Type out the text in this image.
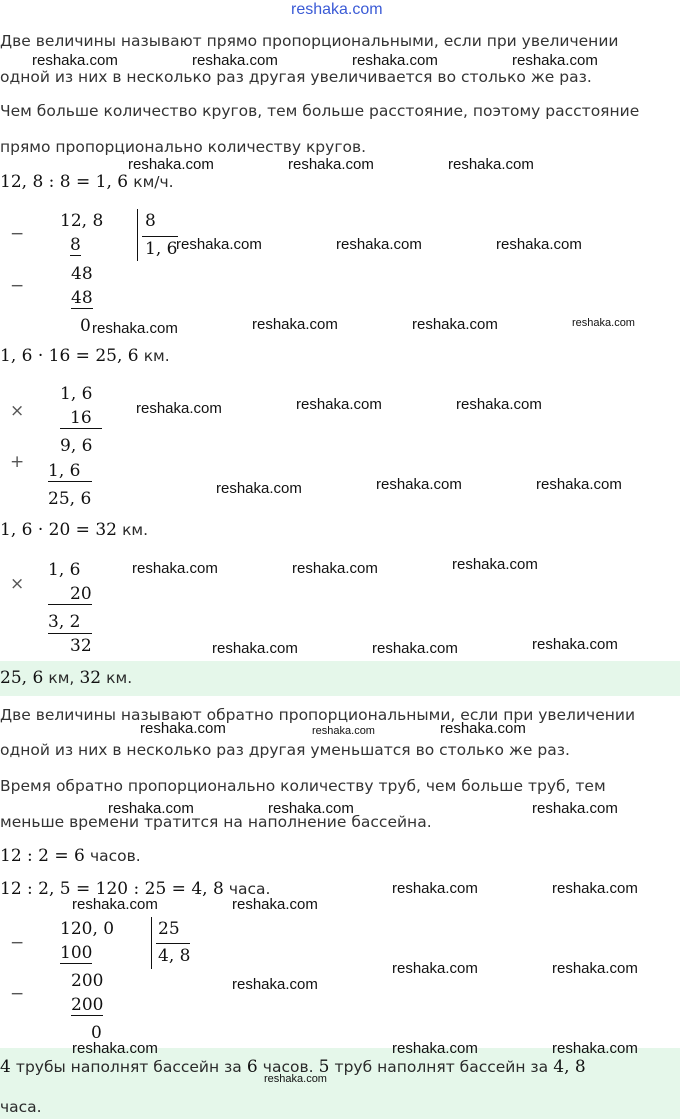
reshaka.com
Две величины называют прямо пропорциональными, если при увеличении
одной из них в несколько раз другая увеличивается во столько же раз.
Чем больше количество кругов, тем больше расстояние, поэтому расстояние
прямо пропорционально количеству кругов.
12, 8 : 8 = 1, 6 км/ч.
−
12, 8 8
1, 6
8
−
48
48
0
1, 6 · 16 = 25, 6 км.
×
1, 6
16
9, 6
+ 1, 6
25, 6
1, 6 · 20 = 32 км.
×
1, 6
20
3, 2
32
25, 6 км, 32 км.
Две величины называют обратно пропорциональными, если при увеличении
одной из них в несколько раз другая уменьшатся во столько же раз.
Время обратно пропорционально количеству труб, чем больше труб, тем
меньше времени тратится на наполнение бассейна.
12 : 2 = 6 часов.
12 : 2, 5 = 120 : 25 = 4, 8 часа.
−
120, 0	25
4, 8
100
−
200
200
0
4 трубы наполнят бассейн за 6 часов. 5 труб наполнят бассейн за 4, 8
часа.
reshaka.com	reshaka.com	reshaka.com	reshaka.com
reshaka.com	reshaka.com	reshaka.com
reshaka.com	reshaka.com	reshaka.com
reshaka.com	reshaka.com	reshaka.com	reshaka.com
reshaka.com	reshaka.com	reshaka.com
reshaka.com	reshaka.com	reshaka.com
reshaka.com	reshaka.com	reshaka.com
reshaka.com	reshaka.com	reshaka.com
reshaka.com	reshaka.com	reshaka.com
reshaka.com	reshaka.com	reshaka.com
reshaka.com	reshaka.com
reshaka.com	reshaka.com
reshaka.com	reshaka.com
reshaka.com
reshaka.com	reshaka.com	reshaka.com
reshaka.com
